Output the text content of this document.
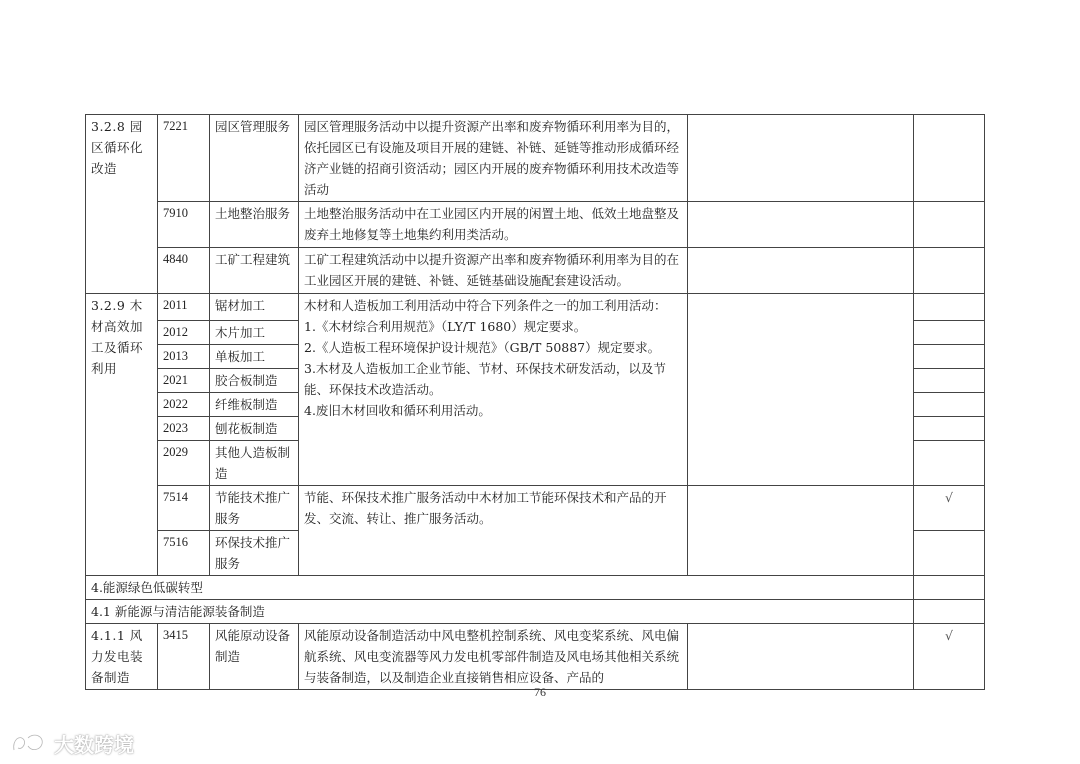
3.2.8 园区循环化改造	7221	园区管理服务	园区管理服务活动中以提升资源产出率和废弃物循环利用率为目的，依托园区已有设施及项目开展的建链、补链、延链等推动形成循环经济产业链的招商引资活动；园区内开展的废弃物循环利用技术改造等活动		
	7910	土地整治服务	土地整治服务活动中在工业园区内开展的闲置土地、低效土地盘整及废弃土地修复等土地集约利用类活动。		
	4840	工矿工程建筑	工矿工程建筑活动中以提升资源产出率和废弃物循环利用率为目的在工业园区开展的建链、补链、延链基础设施配套建设活动。		
3.2.9 木材高效加工及循环利用	2011	锯材加工	木材和人造板加工利用活动中符合下列条件之一的加工利用活动：
1.《木材综合利用规范》（LY/T 1680）规定要求。
2.《人造板工程环境保护设计规范》（GB/T 50887）规定要求。
3.木材及人造板加工企业节能、节材、环保技术研发活动，以及节能、环保技术改造活动。
4.废旧木材回收和循环利用活动。		

	2012	木片加工			
	2013	单板加工			
	2021	胶合板制造			
	2022	纤维板制造			
	2023	刨花板制造			
	2029	其他人造板制造			
	7514	节能技术推广服务	节能、环保技术推广服务活动中木材加工节能环保技术和产品的开发、交流、转让、推广服务活动。		√
	7516	环保技术推广服务			
4.能源绿色低碳转型					
4.1 新能源与清洁能源装备制造					
4.1.1 风力发电装备制造	3415	风能原动设备制造	风能原动设备制造活动中风电整机控制系统、风电变桨系统、风电偏航系统、风电变流器等风力发电机零部件制造及风电场其他相关系统与装备制造，以及制造企业直接销售相应设备、产品的		√
76
大数跨境
